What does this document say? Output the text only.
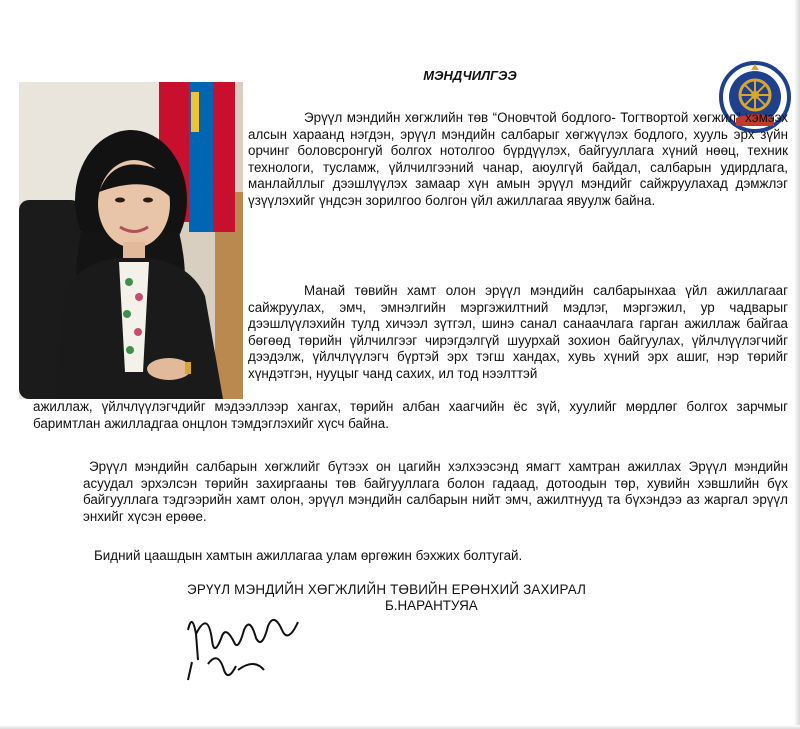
МЭНДЧИЛГЭЭ

Эрүүл мэндийн хөгжлийн төв “Оновчтой бодлого- Тогтвортой хөгжил” хэмээх алсын хараанд нэгдэн, эрүүл мэндийн салбарыг хөгжүүлэх бодлого, хууль эрх зүйн орчинг боловсронгуй болгох нотолгоо бүрдүүлэх, байгууллага хүний нөөц, техник технологи, тусламж, үйлчилгээний чанар, аюулгүй байдал, салбарын удирдлага, манлайллыг дээшлүүлэх замаар хүн амын эрүүл мэндийг сайжруулахад дэмжлэг үзүүлэхийг үндсэн зорилгоо болгон үйл ажиллагаа явуулж байна.

Манай төвийн хамт олон эрүүл мэндийн салбарынхаа үйл ажиллагааг сайжруулах, эмч, эмнэлгийн мэргэжилтний мэдлэг, мэргэжил, ур чадварыг дээшлүүлэхийн тулд хичээл зүтгэл, шинэ санал санаачлага гарган ажиллаж байгаа бөгөөд төрийн үйлчилгээг чирэгдэлгүй шуурхай зохион байгуулах, үйлчлүүлэгчийг дээдэлж, үйлчлүүлэгч бүртэй эрх тэгш хандах, хувь хүний эрх ашиг, нэр төрийг хүндэтгэн, нууцыг чанд сахих, ил тод нээлттэй

ажиллаж, үйлчлүүлэгчдийг мэдээллээр хангах, төрийн албан хаагчийн ёс зүй, хуулийг мөрдлөг болгох зарчмыг баримтлан ажилладгаа онцлон тэмдэглэхийг хүсч байна.

Эрүүл мэндийн салбарын хөгжлийг бүтээх он цагийн хэлхээсэнд ямагт хамтран ажиллах Эрүүл мэндийн асуудал эрхэлсэн төрийн захиргааны төв байгууллага болон гадаад, дотоодын төр, хувийн хэвшлийн бүх байгууллага тэдгээрийн хамт олон, эрүүл мэндийн салбарын нийт эмч, ажилтнууд та бүхэндээ аз жаргал эрүүл энхийг хүсэн ерөөе.

Бидний цаашдын хамтын ажиллагаа улам өргөжин бэхжих болтугай.
ЭРҮҮЛ МЭНДИЙН ХӨГЖЛИЙН ТӨВИЙН ЕРӨНХИЙ ЗАХИРАЛ
Б.НАРАНТУЯА
